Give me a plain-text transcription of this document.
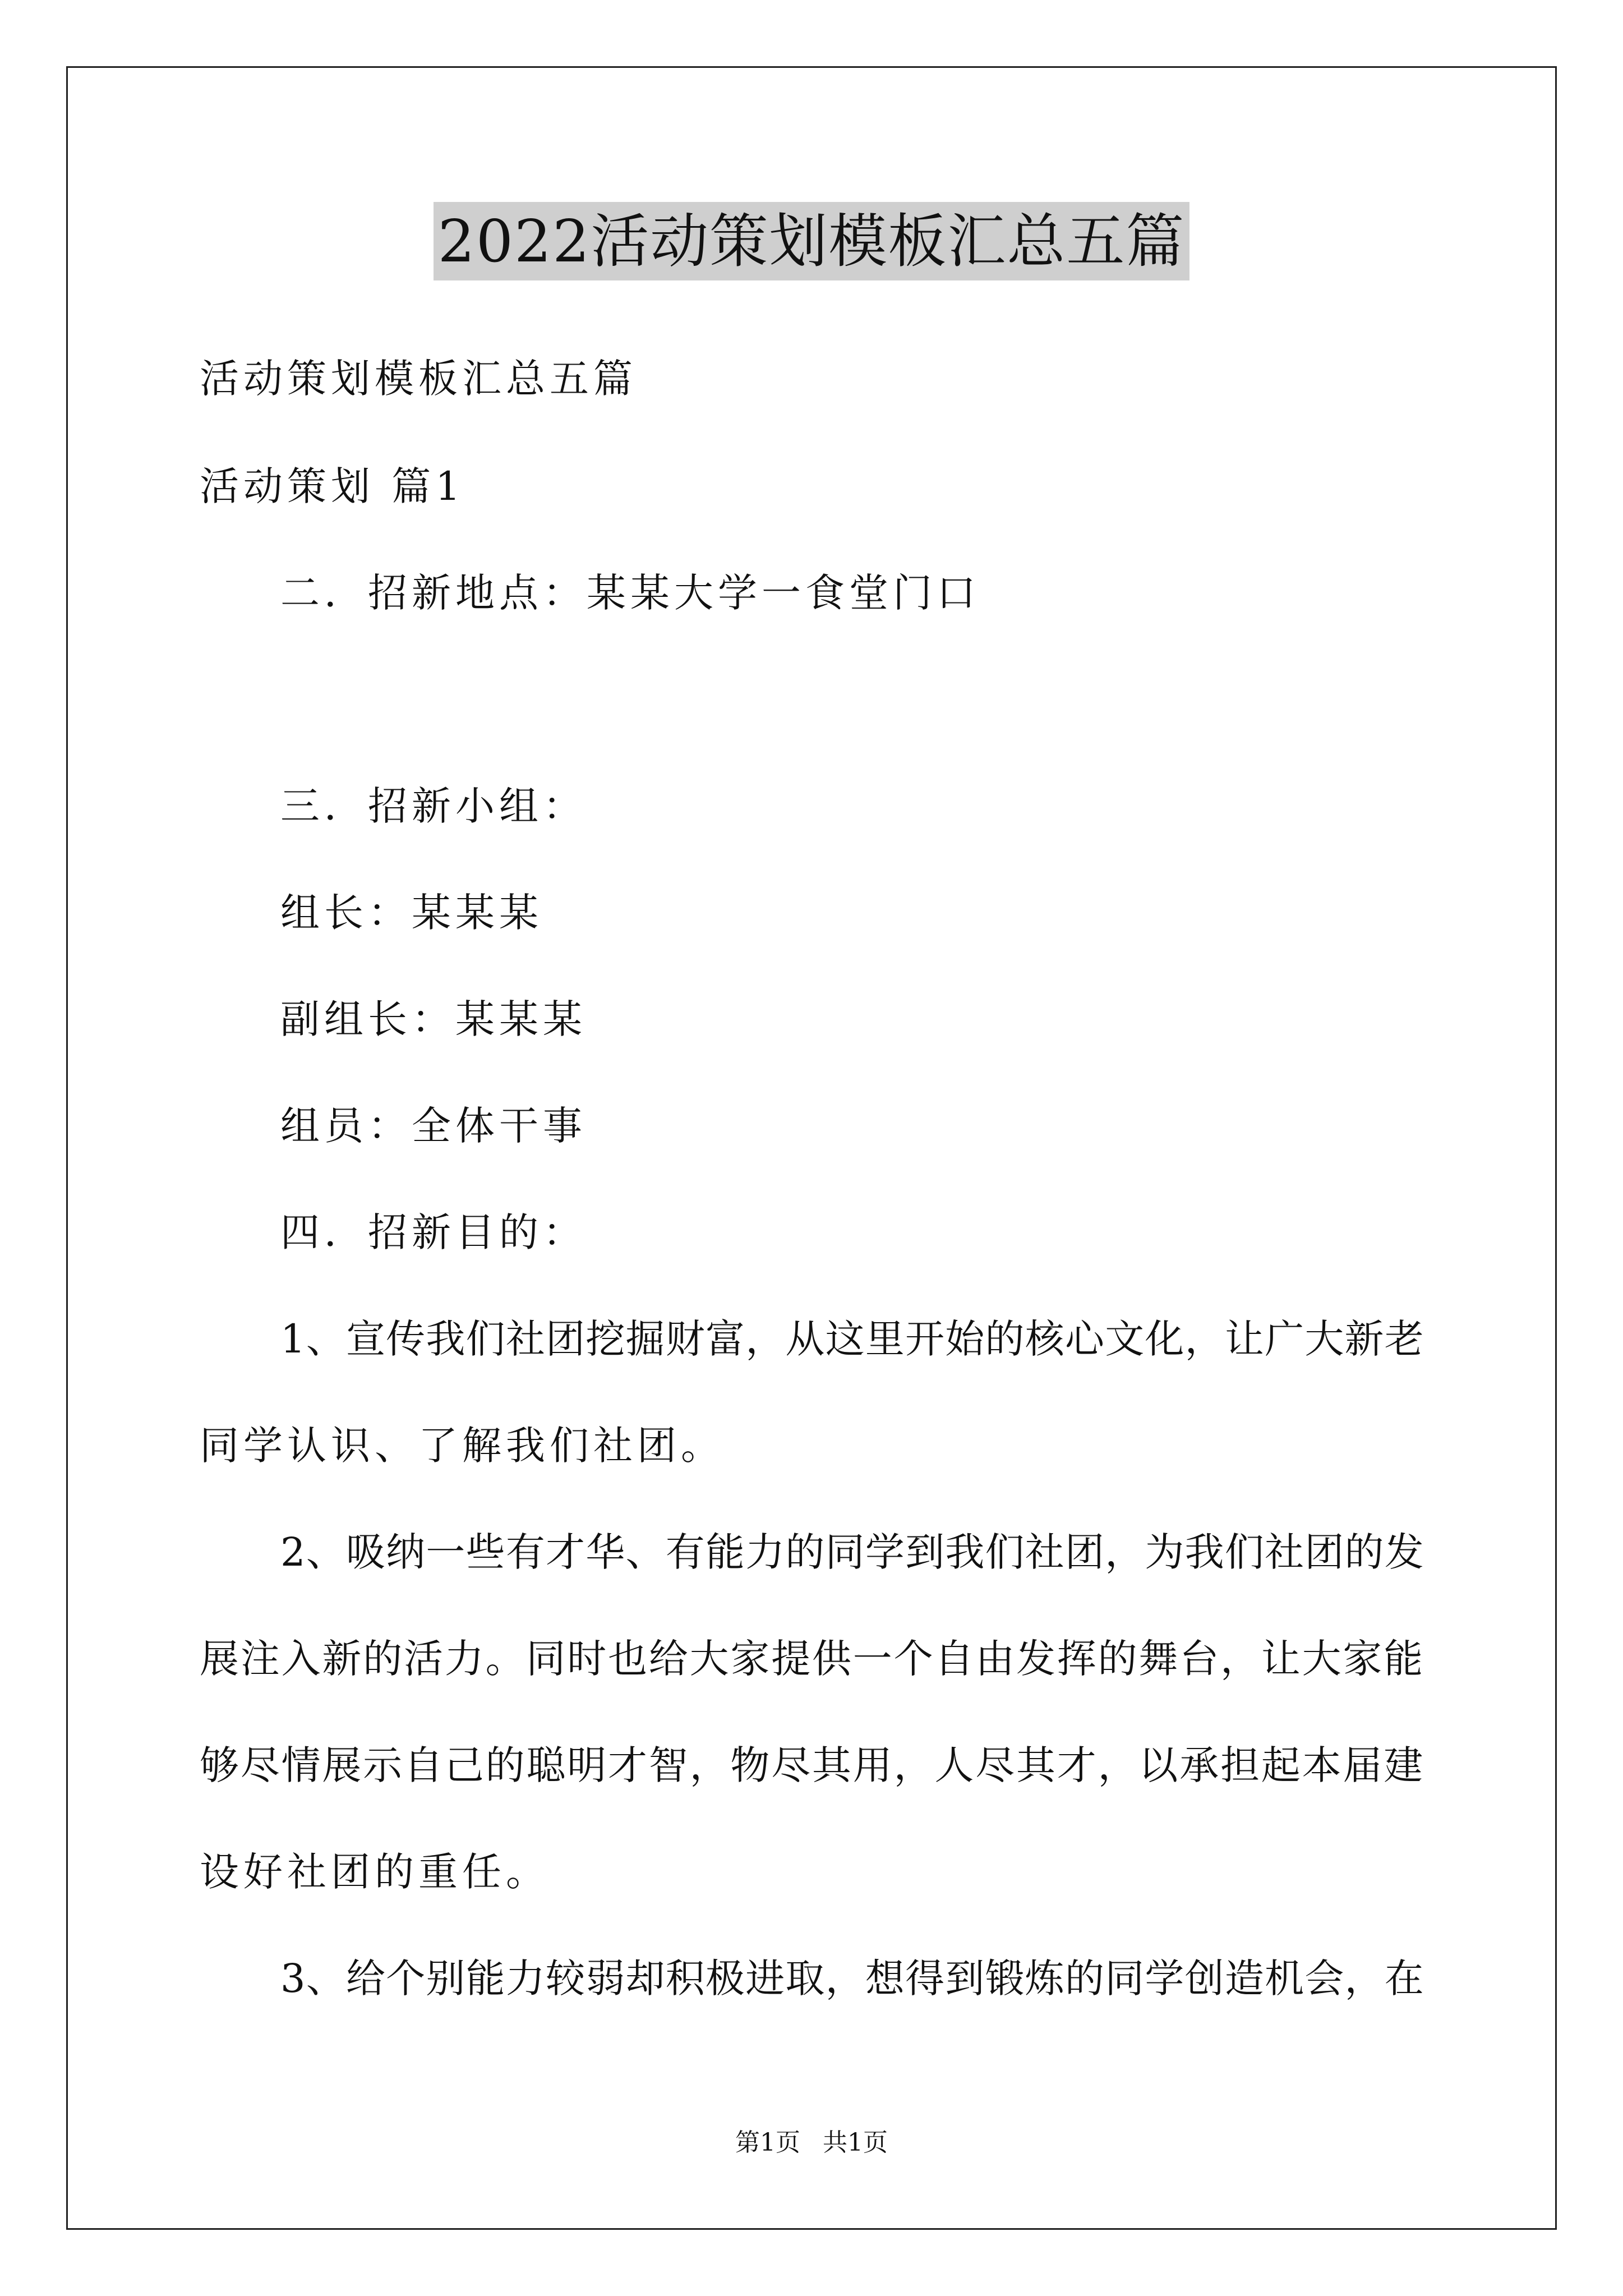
2022活动策划模板汇总五篇
活动策划模板汇总五篇
活动策划 篇1
二．招新地点：某某大学一食堂门口
三．招新小组：
组长：某某某
副组长：某某某
组员：全体干事
四．招新目的：
1、宣传我们社团挖掘财富，从这里开始的核心文化，让广大新老
同学认识、了解我们社团。
2、吸纳一些有才华、有能力的同学到我们社团，为我们社团的发
展注入新的活力。同时也给大家提供一个自由发挥的舞台，让大家能
够尽情展示自己的聪明才智，物尽其用，人尽其才，以承担起本届建
设好社团的重任。
3、给个别能力较弱却积极进取，想得到锻炼的同学创造机会，在
第1页 共1页
